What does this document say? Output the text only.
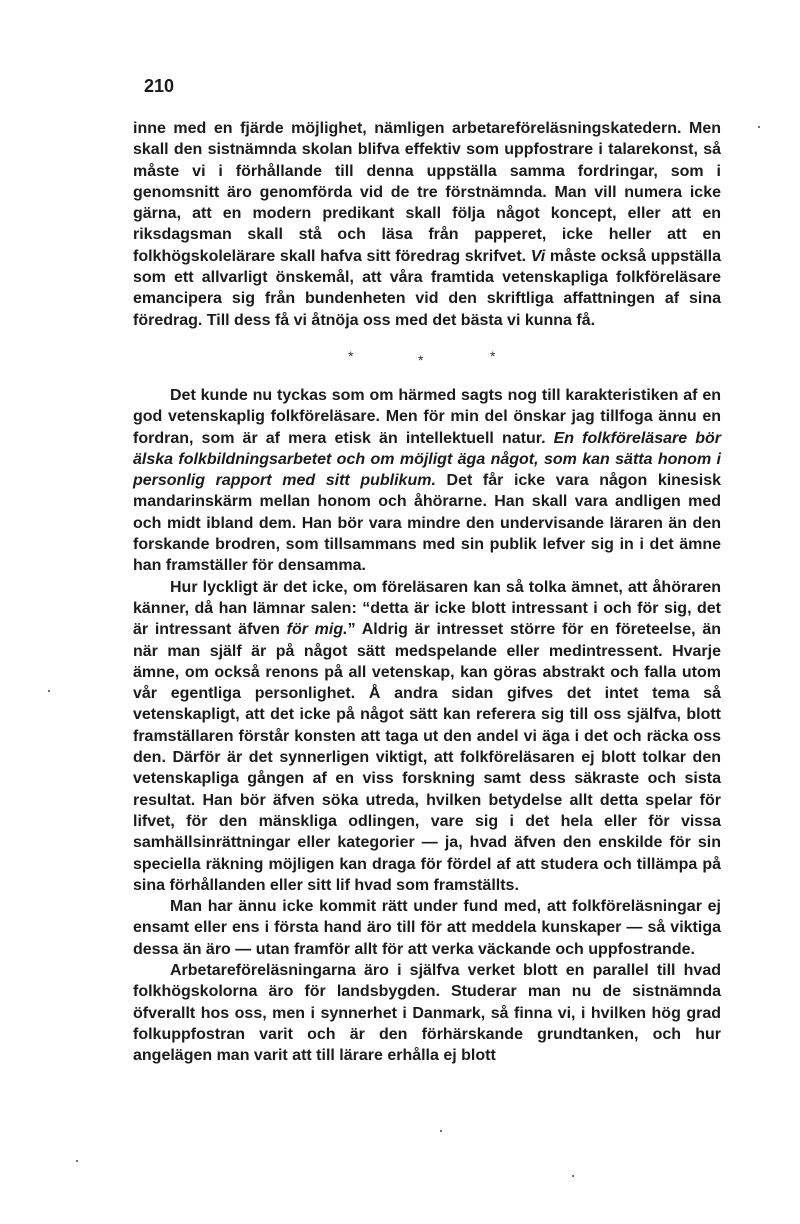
210

inne med en fjärde möjlighet, nämligen arbetareföreläsningskatedern. Men skall den sistnämnda skolan blifva effektiv som uppfostrare i talarekonst, så måste vi i förhållande till denna uppställa samma fordringar, som i genomsnitt äro genomförda vid de tre förstnämnda. Man vill numera icke gärna, att en modern predikant skall följa något koncept, eller att en riksdagsman skall stå och läsa från papperet, icke heller att en folkhögskolelärare skall hafva sitt föredrag skrifvet. Vi måste också uppställa som ett allvarligt önskemål, att våra framtida vetenskapliga folkföreläsare emancipera sig från bundenheten vid den skriftliga affattningen af sina föredrag. Till dess få vi åtnöja oss med det bästa vi kunna få.

*	*	*

Det kunde nu tyckas som om härmed sagts nog till karakteristiken af en god vetenskaplig folkföreläsare. Men för min del önskar jag tillfoga ännu en fordran, som är af mera etisk än intellektuell natur. En folkföreläsare bör älska folkbildningsarbetet och om möjligt äga något, som kan sätta honom i personlig rapport med sitt publikum. Det får icke vara någon kinesisk mandarinskärm mellan honom och åhörarne. Han skall vara andligen med och midt ibland dem. Han bör vara mindre den undervisande läraren än den forskande brodren, som tillsammans med sin publik lefver sig in i det ämne han framställer för densamma.

Hur lyckligt är det icke, om föreläsaren kan så tolka ämnet, att åhöraren känner, då han lämnar salen: “detta är icke blott intressant i och för sig, det är intressant äfven för mig.” Aldrig är intresset större för en företeelse, än när man själf är på något sätt medspelande eller medintressent. Hvarje ämne, om också renons på all vetenskap, kan göras abstrakt och falla utom vår egentliga personlighet. Å andra sidan gifves det intet tema så vetenskapligt, att det icke på något sätt kan referera sig till oss själfva, blott framställaren förstår konsten att taga ut den andel vi äga i det och räcka oss den. Därför är det synnerligen viktigt, att folkföreläsaren ej blott tolkar den vetenskapliga gången af en viss forskning samt dess säkraste och sista resultat. Han bör äfven söka utreda, hvilken betydelse allt detta spelar för lifvet, för den mänskliga odlingen, vare sig i det hela eller för vissa samhällsinrättningar eller kategorier — ja, hvad äfven den enskilde för sin speciella räkning möjligen kan draga för fördel af att studera och tillämpa på sina förhållanden eller sitt lif hvad som framställts.

Man har ännu icke kommit rätt under fund med, att folkföreläsningar ej ensamt eller ens i första hand äro till för att meddela kunskaper — så viktiga dessa än äro — utan framför allt för att verka väckande och uppfostrande.

Arbetareföreläsningarna äro i själfva verket blott en parallel till hvad folkhögskolorna äro för landsbygden. Studerar man nu de sistnämnda öfverallt hos oss, men i synnerhet i Danmark, så finna vi, i hvilken hög grad folkuppfostran varit och är den förhärskande grundtanken, och hur angelägen man varit att till lärare erhålla ej blott
